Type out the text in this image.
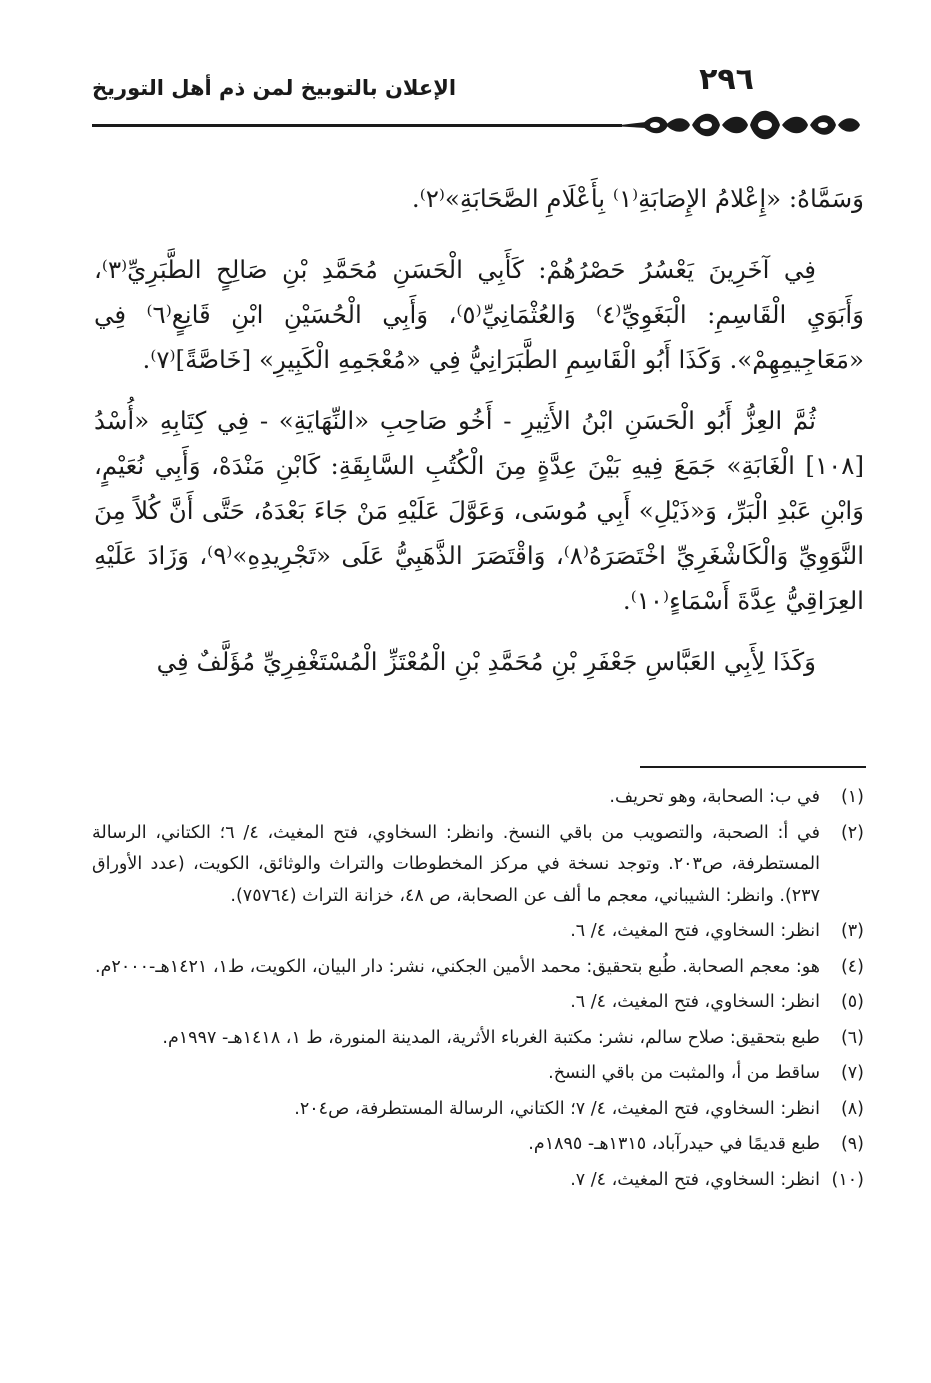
٢٩٦
الإعلان بالتوبيخ لمن ذم أهل التوريخ

وَسَمَّاهُ: «إِعْلامُ الإِصَابَةِ⁽١⁾ بِأَعْلَامِ الصَّحَابَةِ»⁽٢⁾.

فِي آخَرِينَ يَعْسُرُ حَصْرُهُمْ: كَأَبِي الْحَسَنِ مُحَمَّدِ بْنِ صَالِحٍ الطَّبَرِيِّ⁽٣⁾، وَأَبَوَيِ الْقَاسِمِ: الْبَغَوِيِّ⁽٤⁾ وَالعُثْمَانِيِّ⁽٥⁾، وَأَبِي الْحُسَيْنِ ابْنِ قَانِعٍ⁽٦⁾ فِي «مَعَاجِيمِهِمْ». وَكَذَا أَبُو الْقَاسِمِ الطَّبَرَانِيُّ فِي «مُعْجَمِهِ الْكَبِيرِ» [خَاصَّةً]⁽٧⁾.

ثُمَّ العِزُّ أَبُو الْحَسَنِ ابْنُ الأَثِيرِ - أَخُو صَاحِبِ «النِّهَايَةِ» - فِي كِتَابِهِ «أُسْدُ [١٠٨] الْغَابَةِ» جَمَعَ فِيهِ بَيْنَ عِدَّةٍ مِنَ الْكُتُبِ السَّابِقَةِ: كَابْنِ مَنْدَهْ، وَأَبِي نُعَيْمٍ، وَابْنِ عَبْدِ الْبَرِّ، وَ«ذَيْلِ» أَبِي مُوسَى، وَعَوَّلَ عَلَيْهِ مَنْ جَاءَ بَعْدَهُ، حَتَّى أَنَّ كُلاً مِنَ النَّوَوِيِّ وَالْكَاشْغَرِيِّ اخْتَصَرَهُ⁽٨⁾، وَاقْتَصَرَ الذَّهَبِيُّ عَلَى «تَجْرِيدِهِ»⁽٩⁾، وَزَادَ عَلَيْهِ العِرَاقِيُّ عِدَّةَ أَسْمَاءٍ⁽١٠⁾.

وَكَذَا لِأَبِي العَبَّاسِ جَعْفَرِ بْنِ مُحَمَّدِ بْنِ الْمُعْتَزِّ الْمُسْتَغْفِرِيِّ مُؤَلَّفٌ فِي

(١)
في ب: الصحابة، وهو تحريف.
(٢)
في أ: الصحبة، والتصويب من باقي النسخ. وانظر: السخاوي، فتح المغيث، ٤/ ٦؛ الكتاني، الرسالة المستطرفة، ص٢٠٣. وتوجد نسخة في مركز المخطوطات والتراث والوثائق، الكويت، (عدد الأوراق ٢٣٧). وانظر: الشيباني، معجم ما ألف عن الصحابة، ص ٤٨، خزانة التراث (٧٥٧٦٤).
(٣)
انظر: السخاوي، فتح المغيث، ٤/ ٦.
(٤)
هو: معجم الصحابة. طُبع بتحقيق: محمد الأمين الجكني، نشر: دار البيان، الكويت، ط١، ١٤٢١هـ-٢٠٠٠م.
(٥)
انظر: السخاوي، فتح المغيث، ٤/ ٦.
(٦)
طبع بتحقيق: صلاح سالم، نشر: مكتبة الغرباء الأثرية، المدينة المنورة، ط ١، ١٤١٨هـ- ١٩٩٧م.
(٧)
ساقط من أ، والمثبت من باقي النسخ.
(٨)
انظر: السخاوي، فتح المغيث، ٤/ ٧؛ الكتاني، الرسالة المستطرفة، ص٢٠٤.
(٩)
طبع قديمًا في حيدرآباد، ١٣١٥هـ- ١٨٩٥م.
(١٠)
انظر: السخاوي، فتح المغيث، ٤/ ٧.
